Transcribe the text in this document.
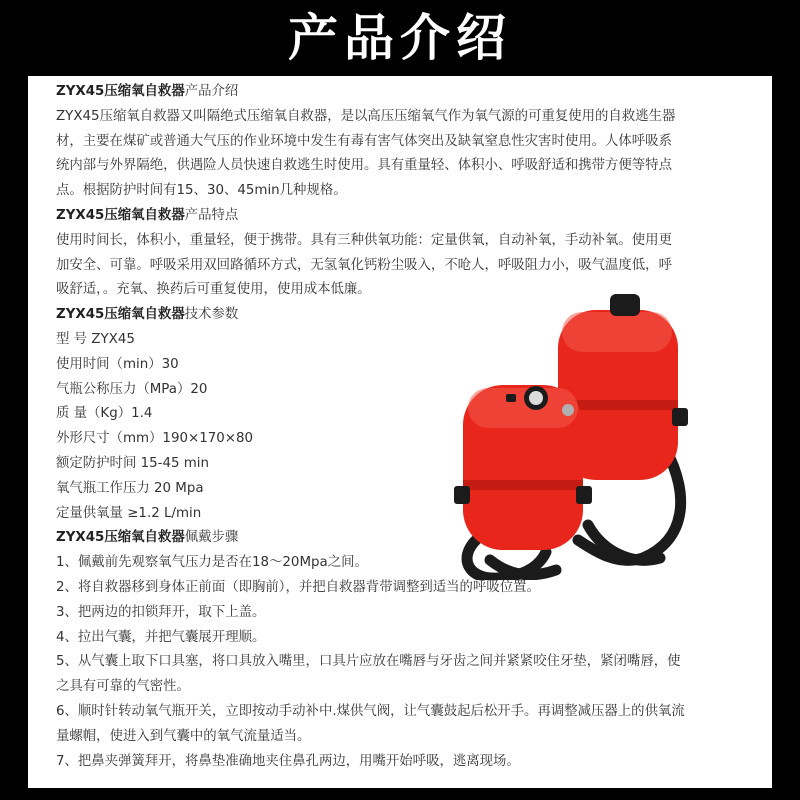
产品介绍
ZYX45压缩氧自救器产品介绍
ZYX45压缩氧自救器又叫隔绝式压缩氧自救器，是以高压压缩氧气作为氧气源的可重复使用的自救逃生器
材，主要在煤矿或普通大气压的作业环境中发生有毒有害气体突出及缺氧窒息性灾害时使用。人体呼吸系
统内部与外界隔绝，供遇险人员快速自救逃生时使用。具有重量轻、体积小、呼吸舒适和携带方便等特点
点。根据防护时间有15、30、45min几种规格。
ZYX45压缩氧自救器产品特点
使用时间长，体积小，重量轻，便于携带。具有三种供氧功能：定量供氧，自动补氧，手动补氧。使用更
加安全、可靠。呼吸采用双回路循环方式，无氢氧化钙粉尘吸入，不呛人，呼吸阻力小，吸气温度低，呼
吸舒适，。充氧、换药后可重复使用，使用成本低廉。
ZYX45压缩氧自救器技术参数
型 号 ZYX45
使用时间（min）30
气瓶公称压力（MPa）20
质 量（Kg）1.4
外形尺寸（mm）190×170×80
额定防护时间 15-45 min
氧气瓶工作压力 20 Mpa
定量供氧量 ≥1.2 L/min
ZYX45压缩氧自救器佩戴步骤
1、佩戴前先观察氧气压力是否在18～20Mpa之间。
2、将自救器移到身体正前面（即胸前），并把自救器背带调整到适当的呼吸位置。
3、把两边的扣锁拜开，取下上盖。
4、拉出气囊，并把气囊展开理顺。
5、从气囊上取下口具塞，将口具放入嘴里，口具片应放在嘴唇与牙齿之间并紧紧咬住牙垫，紧闭嘴唇，使
之具有可靠的气密性。
6、顺时针转动氧气瓶开关，立即按动手动补中.煤供气阀，让气囊鼓起后松开手。再调整减压器上的供氧流
量螺帽，使进入到气囊中的氧气流量适当。
7、把鼻夹弹簧拜开，将鼻垫准确地夹住鼻孔两边，用嘴开始呼吸，逃离现场。
